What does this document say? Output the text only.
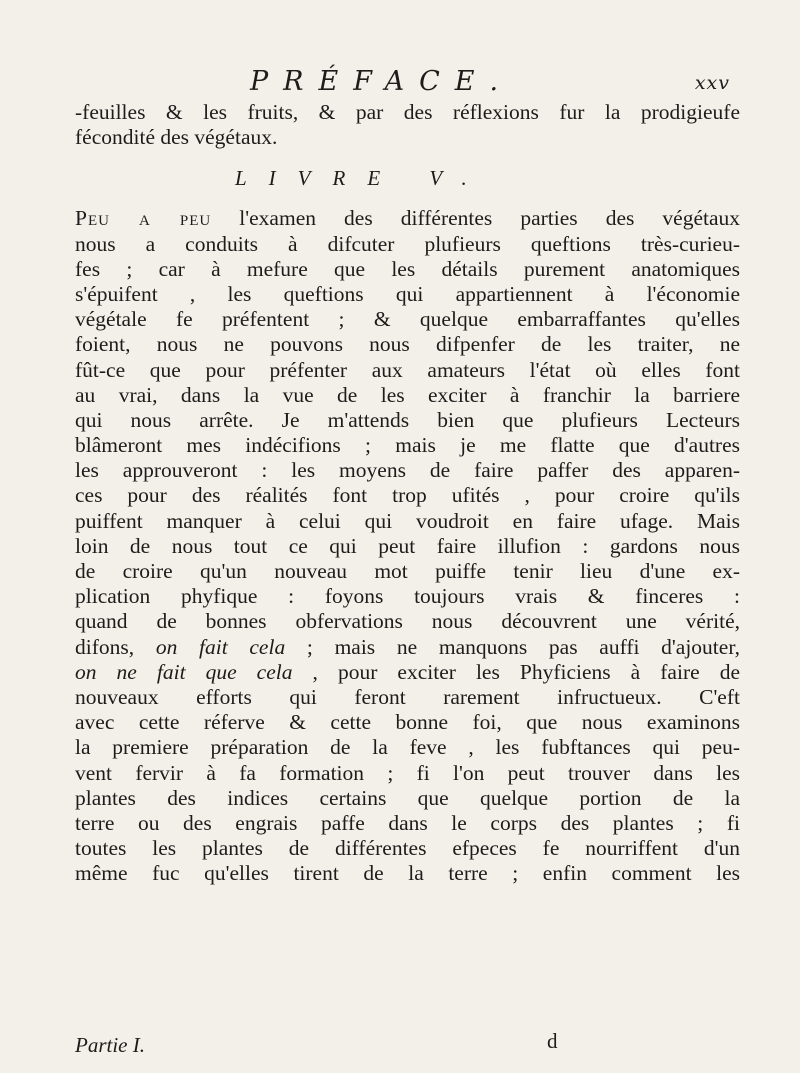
PRÉFACE.	xxv
-feuilles & les fruits, & par des réflexions fur la prodigieufe
fécondité des végétaux.
LIVRE V.
Peu a peu l'examen des différentes parties des végétaux
nous a conduits à difcuter plufieurs queftions très-curieu-
fes ; car à mefure que les détails purement anatomiques
s'épuifent , les queftions qui appartiennent à l'économie
végétale fe préfentent ; & quelque embarraffantes qu'elles
foient, nous ne pouvons nous difpenfer de les traiter, ne
fût-ce que pour préfenter aux amateurs l'état où elles font
au vrai, dans la vue de les exciter à franchir la barriere
qui nous arrête. Je m'attends bien que plufieurs Lecteurs
blâmeront mes indécifions ; mais je me flatte que d'autres
les approuveront : les moyens de faire paffer des apparen-
ces pour des réalités font trop ufités , pour croire qu'ils
puiffent manquer à celui qui voudroit en faire ufage. Mais
loin de nous tout ce qui peut faire illufion : gardons nous
de croire qu'un nouveau mot puiffe tenir lieu d'une ex-
plication phyfique : foyons toujours vrais & finceres :
quand de bonnes obfervations nous découvrent une vérité,
difons, on fait cela ; mais ne manquons pas auffi d'ajouter,
on ne fait que cela , pour exciter les Phyficiens à faire de
nouveaux efforts qui feront rarement infructueux. C'eft
avec cette réferve & cette bonne foi, que nous examinons
la premiere préparation de la feve , les fubftances qui peu-
vent fervir à fa formation ; fi l'on peut trouver dans les
plantes des indices certains que quelque portion de la
terre ou des engrais paffe dans le corps des plantes ; fi
toutes les plantes de différentes efpeces fe nourriffent d'un
même fuc qu'elles tirent de la terre ; enfin comment les
Partie I.	d
